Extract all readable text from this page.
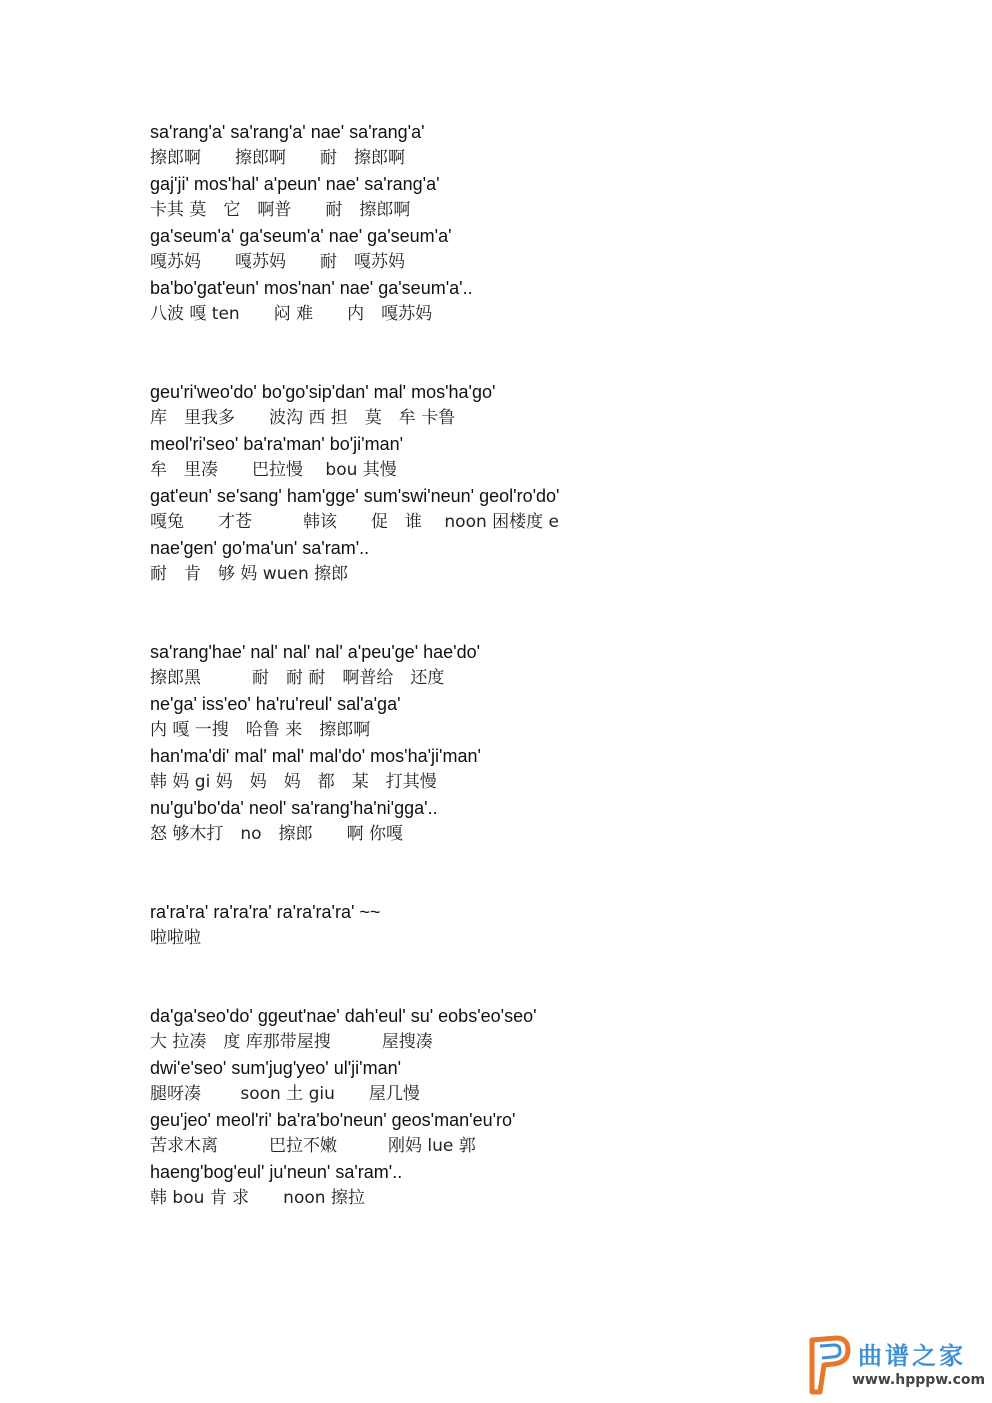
sa'rang'a' sa'rang'a' nae' sa'rang'a'
擦郎啊　　擦郎啊　　耐　擦郎啊
gaj'ji' mos'hal' a'peun' nae' sa'rang'a'
卡其 莫　它　啊普　　耐　擦郎啊
ga'seum'a' ga'seum'a' nae' ga'seum'a'
嘎苏妈　　嘎苏妈　　耐　嘎苏妈
ba'bo'gat'eun' mos'nan' nae' ga'seum'a'..
八波 嘎 ten　　闷 难　　内　嘎苏妈
geu'ri'weo'do' bo'go'sip'dan' mal' mos'ha'go'
库　里我多　　波沟 西 担　莫　牟 卡鲁
meol'ri'seo' ba'ra'man' bo'ji'man'
牟　里凑　　巴拉慢　 bou 其慢
gat'eun' se'sang' ham'gge' sum'swi'neun' geol'ro'do'
嘎兔　　才苍　　　韩该　　促　谁　 noon 困楼度 e
nae'gen' go'ma'un' sa'ram'..
耐　肯　够 妈 wuen 擦郎
sa'rang'hae' nal' nal' nal' a'peu'ge' hae'do'
擦郎黑　　　耐　耐 耐　啊普给　还度
ne'ga' iss'eo' ha'ru'reul' sal'a'ga'
内 嘎 一搜　哈鲁 来　擦郎啊
han'ma'di' mal' mal' mal'do' mos'ha'ji'man'
韩 妈 gi 妈　妈　妈　都　某　打其慢
nu'gu'bo'da' neol' sa'rang'ha'ni'gga'..
怒 够木打　no　擦郎　　啊 你嘎
ra'ra'ra' ra'ra'ra' ra'ra'ra'ra' ~~
啦啦啦
da'ga'seo'do' ggeut'nae' dah'eul' su' eobs'eo'seo'
大 拉凑　度 库那带屋搜　　　屋搜凑
dwi'e'seo' sum'jug'yeo' ul'ji'man'
腿呀凑　　 soon 土 giu　　屋几慢
geu'jeo' meol'ri' ba'ra'bo'neun' geos'man'eu'ro'
苦求木离　　　巴拉不嫩　　　刚妈 lue 郭
haeng'bog'eul' ju'neun' sa'ram'..
韩 bou 肯 求　　noon 擦拉
曲谱之家
www.hpppw.com
